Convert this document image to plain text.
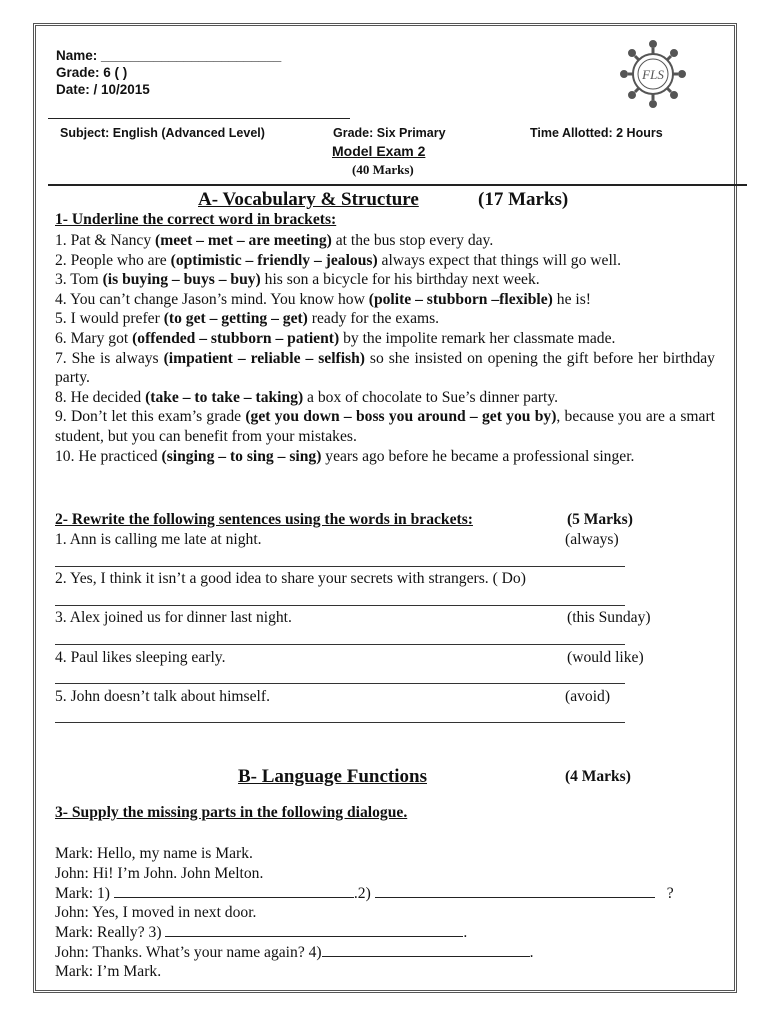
Name: ________________________
Grade: 6 ( )
Date: / 10/2015
FLS
Subject: English (Advanced Level)	Grade: Six Primary	Time Allotted: 2 Hours
Model Exam 2
(40 Marks)
A- Vocabulary & Structure	(17 Marks)
1- Underline the correct word in brackets:
1. Pat & Nancy (meet – met – are meeting) at the bus stop every day.
2. People who are (optimistic – friendly – jealous) always expect that things will go well.
3. Tom (is buying – buys – buy) his son a bicycle for his birthday next week.
4. You can’t change Jason’s mind. You know how (polite – stubborn –flexible) he is!
5. I would prefer (to get – getting – get) ready for the exams.
6. Mary got (offended – stubborn – patient) by the impolite remark her classmate made.
7. She is always (impatient – reliable – selfish) so she insisted on opening the gift before her birthday party.
8. He decided (take – to take – taking) a box of chocolate to Sue’s dinner party.
9. Don’t let this exam’s grade (get you down – boss you around – get you by), because you are a smart student, but you can benefit from your mistakes.
10. He practiced (singing – to sing – sing) years ago before he became a professional singer.
2- Rewrite the following sentences using the words in brackets:	(5 Marks)
1. Ann is calling me late at night.	(always)
2. Yes, I think it isn’t a good idea to share your secrets with strangers. ( Do)
3. Alex joined us for dinner last night.	(this Sunday)
4. Paul likes sleeping early.	(would like)
5. John doesn’t talk about himself.	(avoid)
B- Language Functions	(4 Marks)
3- Supply the missing parts in the following dialogue.
Mark: Hello, my name is Mark.
John: Hi! I’m John. John Melton.
Mark: 1)	.2)	?
John: Yes, I moved in next door.
Mark: Really? 3)	.
John: Thanks. What’s your name again? 4)	.
Mark: I’m Mark.
